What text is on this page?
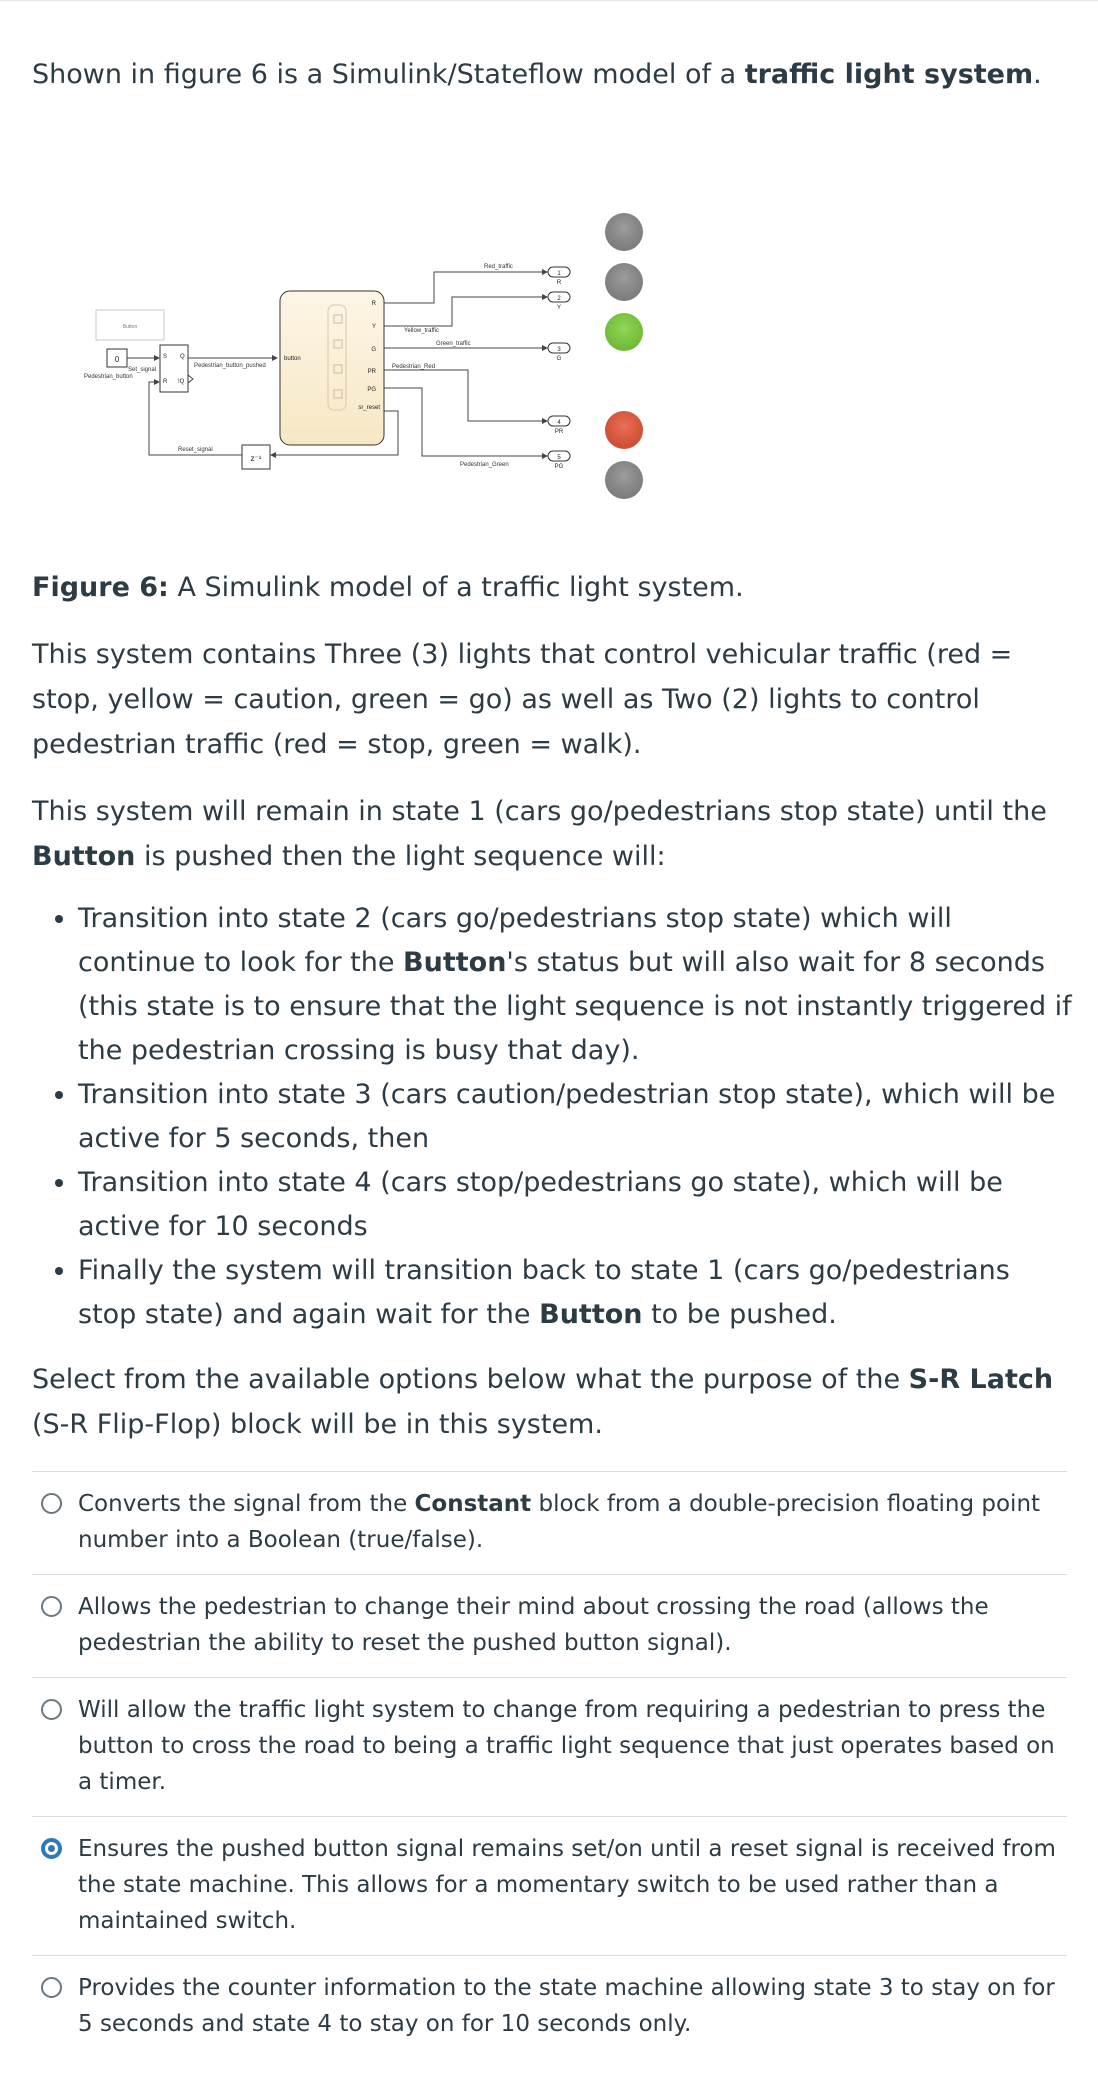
Shown in figure 6 is a Simulink/Stateflow model of a traffic light system.

Button
0
Set_signal
Pedestrian_button
S
R
Q
!Q
Pedestrian_button_pushed
Reset_signal
z⁻¹
button
R
Y
G
PR
PG
sr_reset
Red_traffic
Yellow_traffic
Green_traffic
Pedestrian_Red
Pedestrian_Green
1
R
2
Y
3
G
4
PR
5
PG

Figure 6: A Simulink model of a traffic light system.

This system contains Three (3) lights that control vehicular traffic (red = stop, yellow = caution, green = go) as well as Two (2) lights to control pedestrian traffic (red = stop, green = walk).

This system will remain in state 1 (cars go/pedestrians stop state) until the Button is pushed then the light sequence will:

• Transition into state 2 (cars go/pedestrians stop state) which will continue to look for the Button's status but will also wait for 8 seconds (this state is to ensure that the light sequence is not instantly triggered if the pedestrian crossing is busy that day).
• Transition into state 3 (cars caution/pedestrian stop state), which will be active for 5 seconds, then
• Transition into state 4 (cars stop/pedestrians go state), which will be active for 10 seconds
• Finally the system will transition back to state 1 (cars go/pedestrians stop state) and again wait for the Button to be pushed.

Select from the available options below what the purpose of the S-R Latch (S-R Flip-Flop) block will be in this system.

Converts the signal from the Constant block from a double-precision floating point number into a Boolean (true/false).
Allows the pedestrian to change their mind about crossing the road (allows the pedestrian the ability to reset the pushed button signal).
Will allow the traffic light system to change from requiring a pedestrian to press the button to cross the road to being a traffic light sequence that just operates based on a timer.
Ensures the pushed button signal remains set/on until a reset signal is received from the state machine. This allows for a momentary switch to be used rather than a maintained switch.
Provides the counter information to the state machine allowing state 3 to stay on for 5 seconds and state 4 to stay on for 10 seconds only.
